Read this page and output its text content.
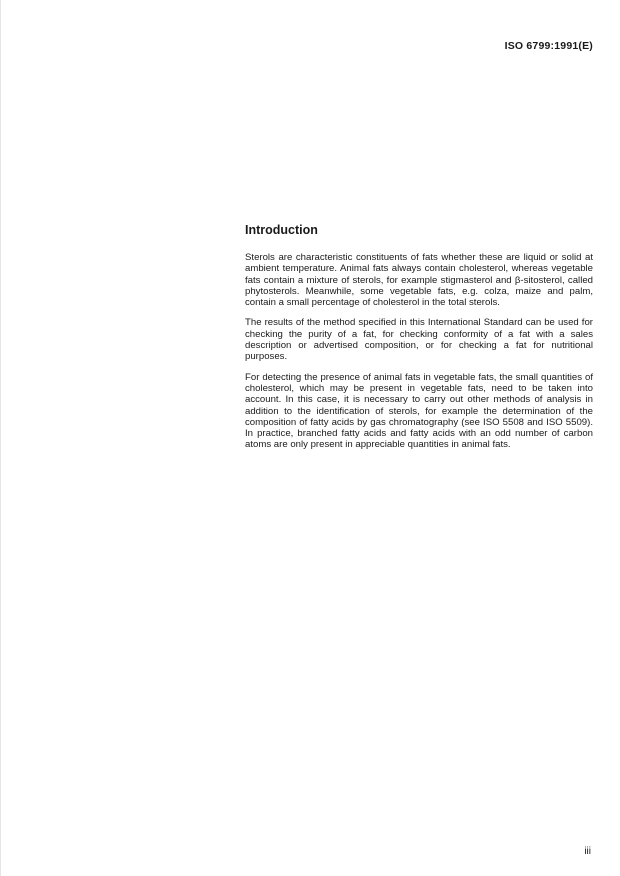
ISO 6799:1991(E)
Introduction

Sterols are characteristic constituents of fats whether these are liquid or solid at ambient temperature. Animal fats always contain cholesterol, whereas vegetable fats contain a mixture of sterols, for example stigmasterol and β-sitosterol, called phytosterols. Meanwhile, some vegetable fats, e.g. colza, maize and palm, contain a small percentage of cholesterol in the total sterols.

The results of the method specified in this International Standard can be used for checking the purity of a fat, for checking conformity of a fat with a sales description or advertised composition, or for checking a fat for nutritional purposes.

For detecting the presence of animal fats in vegetable fats, the small quantities of cholesterol, which may be present in vegetable fats, need to be taken into account. In this case, it is necessary to carry out other methods of analysis in addition to the identification of sterols, for example the determination of the composition of fatty acids by gas chromatography (see ISO 5508 and ISO 5509). In practice, branched fatty acids and fatty acids with an odd number of carbon atoms are only present in appreciable quantities in animal fats.

iii
